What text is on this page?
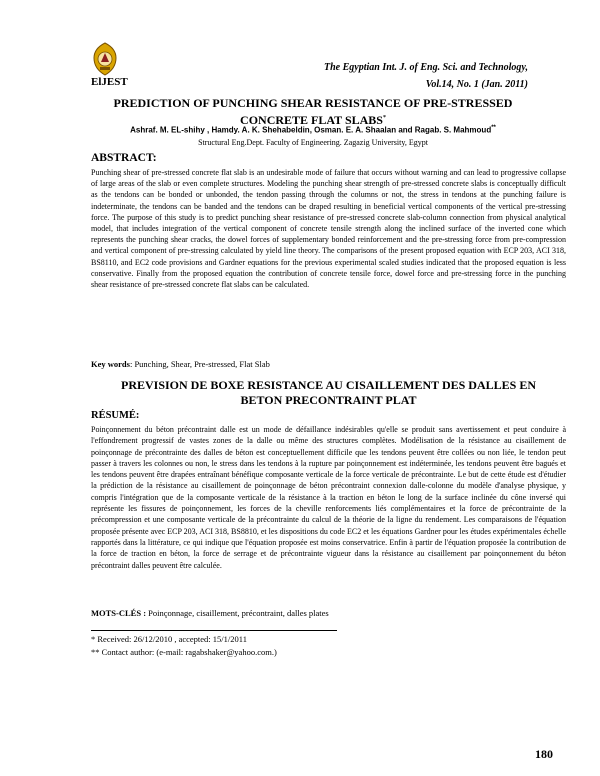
The Egyptian Int. J. of Eng. Sci. and Technology,
Vol.14, No. 1 (Jan. 2011)
ElJEST
PREDICTION OF PUNCHING SHEAR RESISTANCE OF PRE-STRESSED
CONCRETE FLAT SLABS*
Ashraf. M. EL-shihy , Hamdy. A. K. Shehabeldin, Osman. E. A. Shaalan and Ragab. S. Mahmoud**
Structural Eng.Dept. Faculty of Engineering. Zagazig University, Egypt
ABSTRACT:

Punching shear of pre-stressed concrete flat slab is an undesirable mode of failure that occurs without warning and can lead to progressive collapse of large areas of the slab or even complete structures. Modeling the punching shear strength of pre-stressed concrete slabs is conceptually difficult as the tendons can be bonded or unbonded, the tendon passing through the columns or not, the stress in tendons at the punching failure is indeterminate, the tendons can be banded and the tendons can be draped resulting in beneficial vertical components of the vertical pre-stressing force. The purpose of this study is to predict punching shear resistance of pre-stressed concrete slab-column connection from physical analytical model, that includes integration of the vertical component of concrete tensile strength along the inclined surface of the inverted cone which represents the punching shear cracks, the dowel forces of supplementary bonded reinforcement and the pre-stressing force from pre-compression and vertical component of pre-stressing calculated by yield line theory. The comparisons of the present proposed equation with ECP 203, ACI 318, BS8110, and EC2 code provisions and Gardner equations for the previous experimental scaled studies indicated that the proposed equation is less conservative. Finally from the proposed equation the contribution of concrete tensile force, dowel force and pre-stressing force in the punching shear resistance of pre-stressed concrete flat slabs can be calculated.

Key words: Punching, Shear, Pre-stressed, Flat Slab
PREVISION DE BOXE RESISTANCE AU CISAILLEMENT DES DALLES EN
BETON PRECONTRAINT PLAT
RÉSUMÉ:

Poinçonnement du béton précontraint dalle est un mode de défaillance indésirables qu'elle se produit sans avertissement et peut conduire à l'effondrement progressif de vastes zones de la dalle ou même des structures complètes. Modélisation de la résistance au cisaillement de poinçonnage de précontrainte des dalles de béton est conceptuellement difficile que les tendons peuvent être collées ou non liée, le tendon peut passer à travers les colonnes ou non, le stress dans les tendons à la rupture par poinçonnement est indéterminée, les tendons peuvent être bagués et les tendons peuvent être drapées entraînant bénéfique composante verticale de la force verticale de précontrainte. Le but de cette étude est d'étudier la prédiction de la résistance au cisaillement de poinçonnage de béton précontraint connexion dalle-colonne du modèle d'analyse physique, y compris l'intégration que de la composante verticale de la résistance à la traction en béton le long de la surface inclinée du cône inversé qui représente les fissures de poinçonnement, les forces de la cheville renforcements liés complémentaires et la force de précontrainte de la précompression et une composante verticale de la précontrainte du calcul de la théorie de la ligne du rendement. Les comparaisons de l'équation proposée présente avec ECP 203, ACI 318, BS8810, et les dispositions du code EC2 et les équations Gardner pour les études expérimentales échelle rapportés dans la littérature, ce qui indique que l'équation proposée est moins conservatrice. Enfin à partir de l'équation proposée la contribution de la force de traction en béton, la force de serrage et de précontrainte vigueur dans la résistance au cisaillement par poinçonnement du béton précontraint dalles peuvent être calculée.

MOTS-CLÉS : Poinçonnage, cisaillement, précontraint, dalles plates
* Received: 26/12/2010 , accepted: 15/1/2011
** Contact author: (e-mail: ragabshaker@yahoo.com.)
180
